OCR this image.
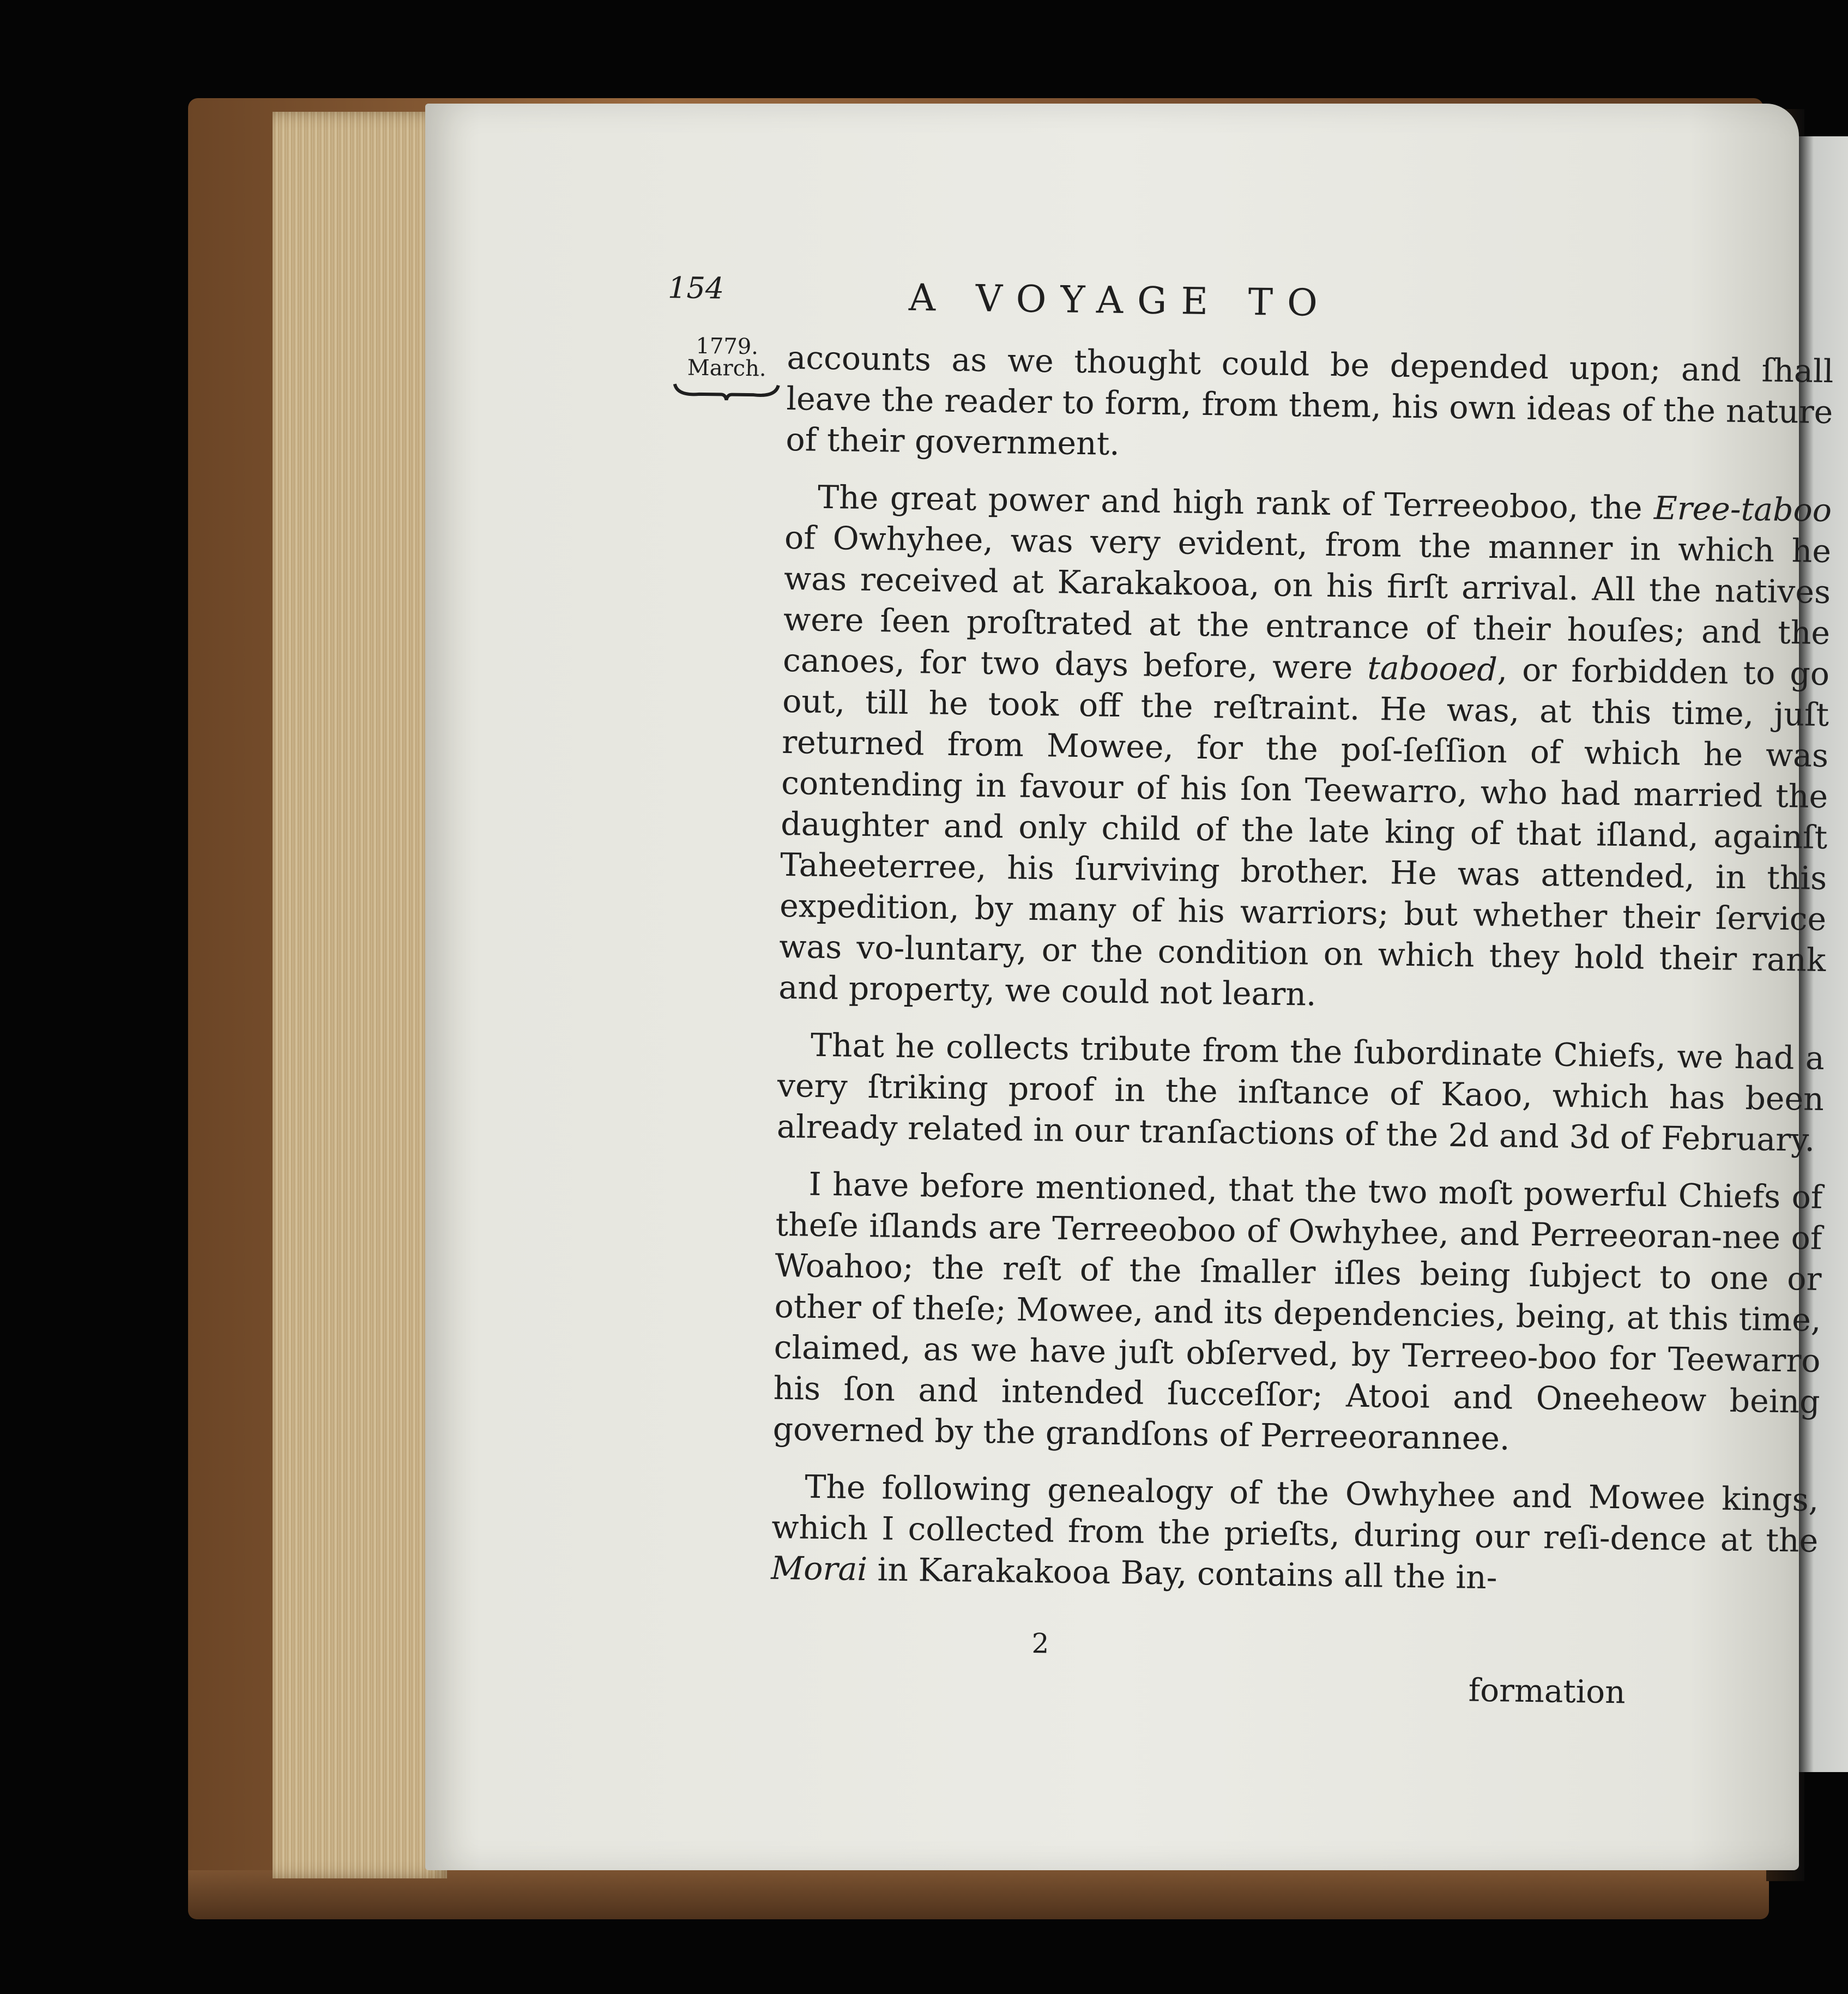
154	A VOYAGE TO
1779.
March. accounts as we thought could be depended upon; and ſhall leave the reader to form, from them, his own ideas of the nature of their government.

The great power and high rank of Terreeoboo, the Eree-taboo of Owhyhee, was very evident, from the manner in which he was received at Karakakooa, on his firſt arrival. All the natives were ſeen proſtrated at the entrance of their houſes; and the canoes, for two days before, were tabooed, or forbidden to go out, till he took off the reſtraint. He was, at this time, juſt returned from Mowee, for the poſ-ſeſſion of which he was contending in favour of his ſon Teewarro, who had married the daughter and only child of the late king of that iſland, againſt Taheeterree, his ſurviving brother. He was attended, in this expedition, by many of his warriors; but whether their ſervice was vo-luntary, or the condition on which they hold their rank and property, we could not learn.

That he collects tribute from the ſubordinate Chiefs, we had a very ſtriking proof in the inſtance of Kaoo, which has been already related in our tranſactions of the 2d and 3d of February.

I have before mentioned, that the two moſt powerful Chiefs of theſe iſlands are Terreeoboo of Owhyhee, and Perreeoran-nee of Woahoo; the reſt of the ſmaller iſles being ſubject to one or other of theſe; Mowee, and its dependencies, being, at this time, claimed, as we have juſt obſerved, by Terreeo-boo for Teewarro his ſon and intended ſucceſſor; Atooi and Oneeheow being governed by the grandſons of Perreeorannee.

The following genealogy of the Owhyhee and Mowee kings, which I collected from the prieſts, during our reſi-dence at the Morai in Karakakooa Bay, contains all the in-

2
formation
